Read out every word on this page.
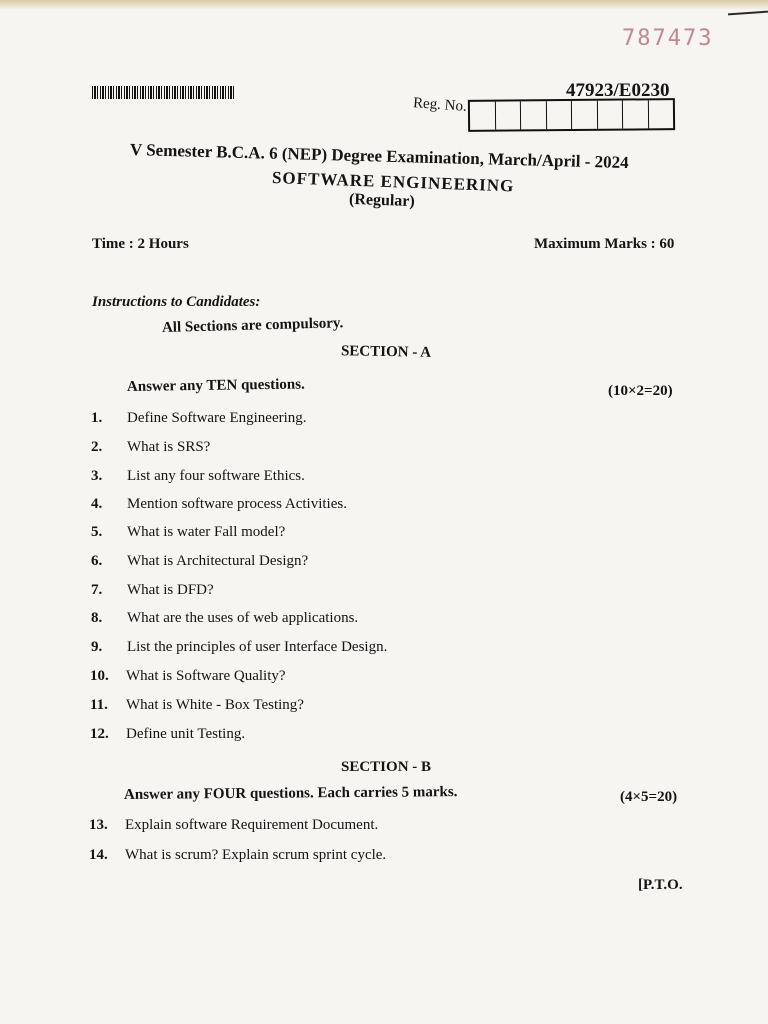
787473
47923/E0230
Reg. No.
V Semester B.C.A. 6 (NEP) Degree Examination, March/April - 2024
SOFTWARE ENGINEERING
(Regular)
Time : 2 Hours	Maximum Marks : 60
Instructions to Candidates:
All Sections are compulsory.
SECTION - A
Answer any TEN questions.	(10×2=20)
1. Define Software Engineering.
2. What is SRS?
3. List any four software Ethics.
4. Mention software process Activities.
5. What is water Fall model?
6. What is Architectural Design?
7. What is DFD?
8. What are the uses of web applications.
9. List the principles of user Interface Design.
10. What is Software Quality?
11. What is White - Box Testing?
12. Define unit Testing.
SECTION - B
Answer any FOUR questions. Each carries 5 marks.	(4×5=20)
13. Explain software Requirement Document.
14. What is scrum? Explain scrum sprint cycle.
[P.T.O.
